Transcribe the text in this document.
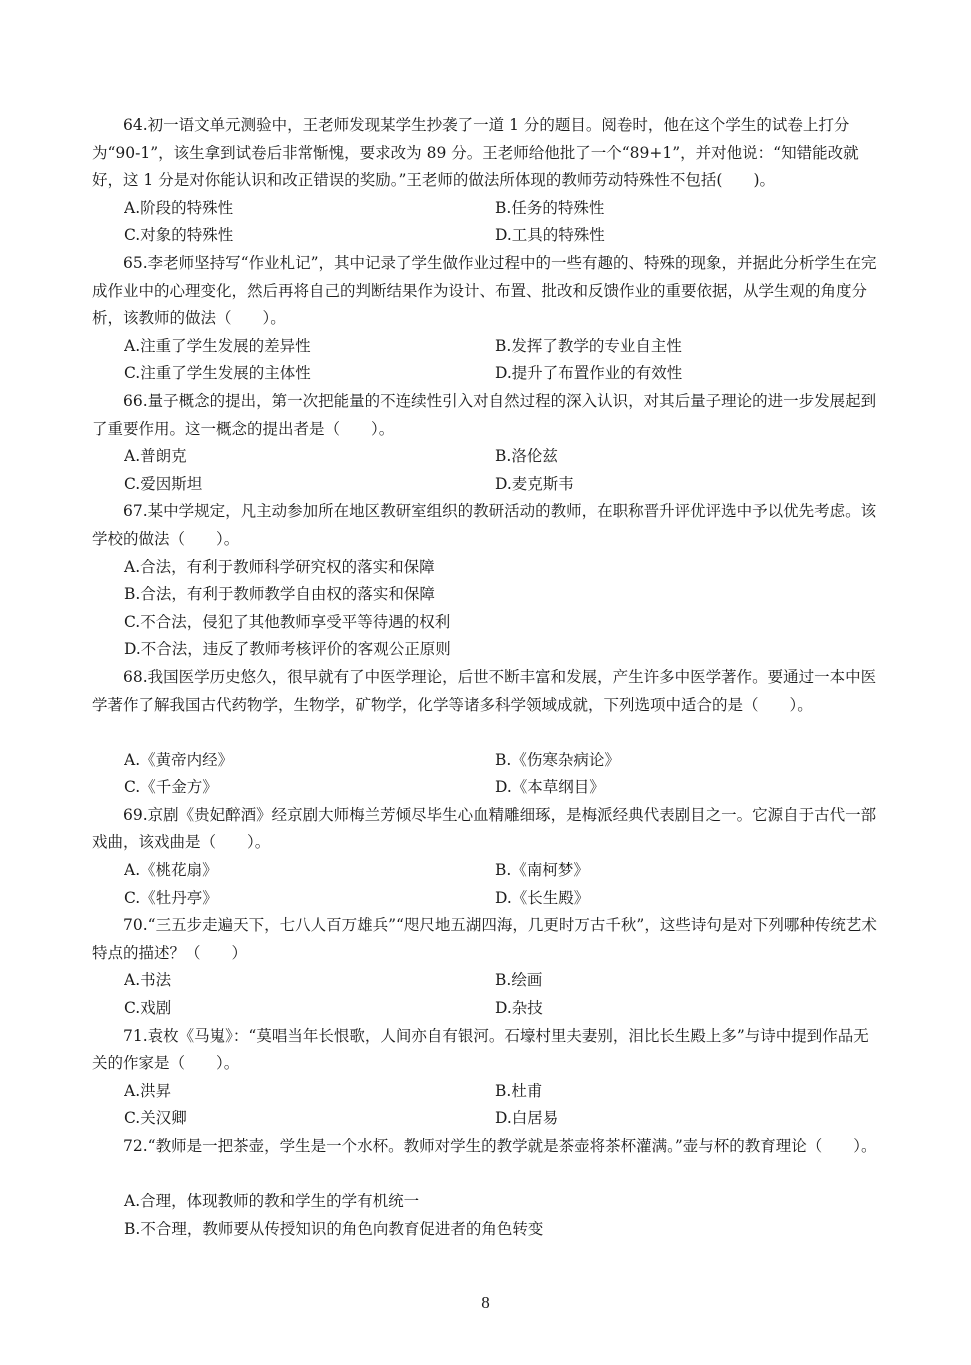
64.初一语文单元测验中，王老师发现某学生抄袭了一道 1 分的题目。阅卷时，他在这个学生的试卷上打分为“90-1”，该生拿到试卷后非常惭愧，要求改为 89 分。王老师给他批了一个“89+1”，并对他说：“知错能改就好，这 1 分是对你能认识和改正错误的奖励。”王老师的做法所体现的教师劳动特殊性不包括(　　)。
A.阶段的特殊性	B.任务的特殊性
C.对象的特殊性	D.工具的特殊性
65.李老师坚持写“作业札记”，其中记录了学生做作业过程中的一些有趣的、特殊的现象，并据此分析学生在完成作业中的心理变化，然后再将自己的判断结果作为设计、布置、批改和反馈作业的重要依据，从学生观的角度分析，该教师的做法（　　）。
A.注重了学生发展的差异性	B.发挥了教学的专业自主性
C.注重了学生发展的主体性	D.提升了布置作业的有效性
66.量子概念的提出，第一次把能量的不连续性引入对自然过程的深入认识，对其后量子理论的进一步发展起到了重要作用。这一概念的提出者是（　　）。
A.普朗克	B.洛伦兹
C.爱因斯坦	D.麦克斯韦
67.某中学规定，凡主动参加所在地区教研室组织的教研活动的教师，在职称晋升评优评选中予以优先考虑。该学校的做法（　　）。
A.合法，有利于教师科学研究权的落实和保障
B.合法，有利于教师教学自由权的落实和保障
C.不合法，侵犯了其他教师享受平等待遇的权利
D.不合法，违反了教师考核评价的客观公正原则
68.我国医学历史悠久，很早就有了中医学理论，后世不断丰富和发展，产生许多中医学著作。要通过一本中医学著作了解我国古代药物学，生物学，矿物学，化学等诸多科学领域成就，下列选项中适合的是（　　）。
A.《黄帝内经》	B.《伤寒杂病论》
C.《千金方》	D.《本草纲目》
69.京剧《贵妃醉酒》经京剧大师梅兰芳倾尽毕生心血精雕细琢，是梅派经典代表剧目之一。它源自于古代一部戏曲，该戏曲是（　　）。
A.《桃花扇》	B.《南柯梦》
C.《牡丹亭》	D.《长生殿》
70.“三五步走遍天下，七八人百万雄兵”“咫尺地五湖四海，几更时万古千秋”，这些诗句是对下列哪种传统艺术特点的描述？（　　）
A.书法	B.绘画
C.戏剧	D.杂技
71.袁枚《马嵬》：“莫唱当年长恨歌，人间亦自有银河。石壕村里夫妻别，泪比长生殿上多”与诗中提到作品无关的作家是（　　）。
A.洪昇	B.杜甫
C.关汉卿	D.白居易
72.“教师是一把茶壶，学生是一个水杯。教师对学生的教学就是茶壶将茶杯灌满。”壶与杯的教育理论（　　）。
A.合理，体现教师的教和学生的学有机统一
B.不合理，教师要从传授知识的角色向教育促进者的角色转变
8
